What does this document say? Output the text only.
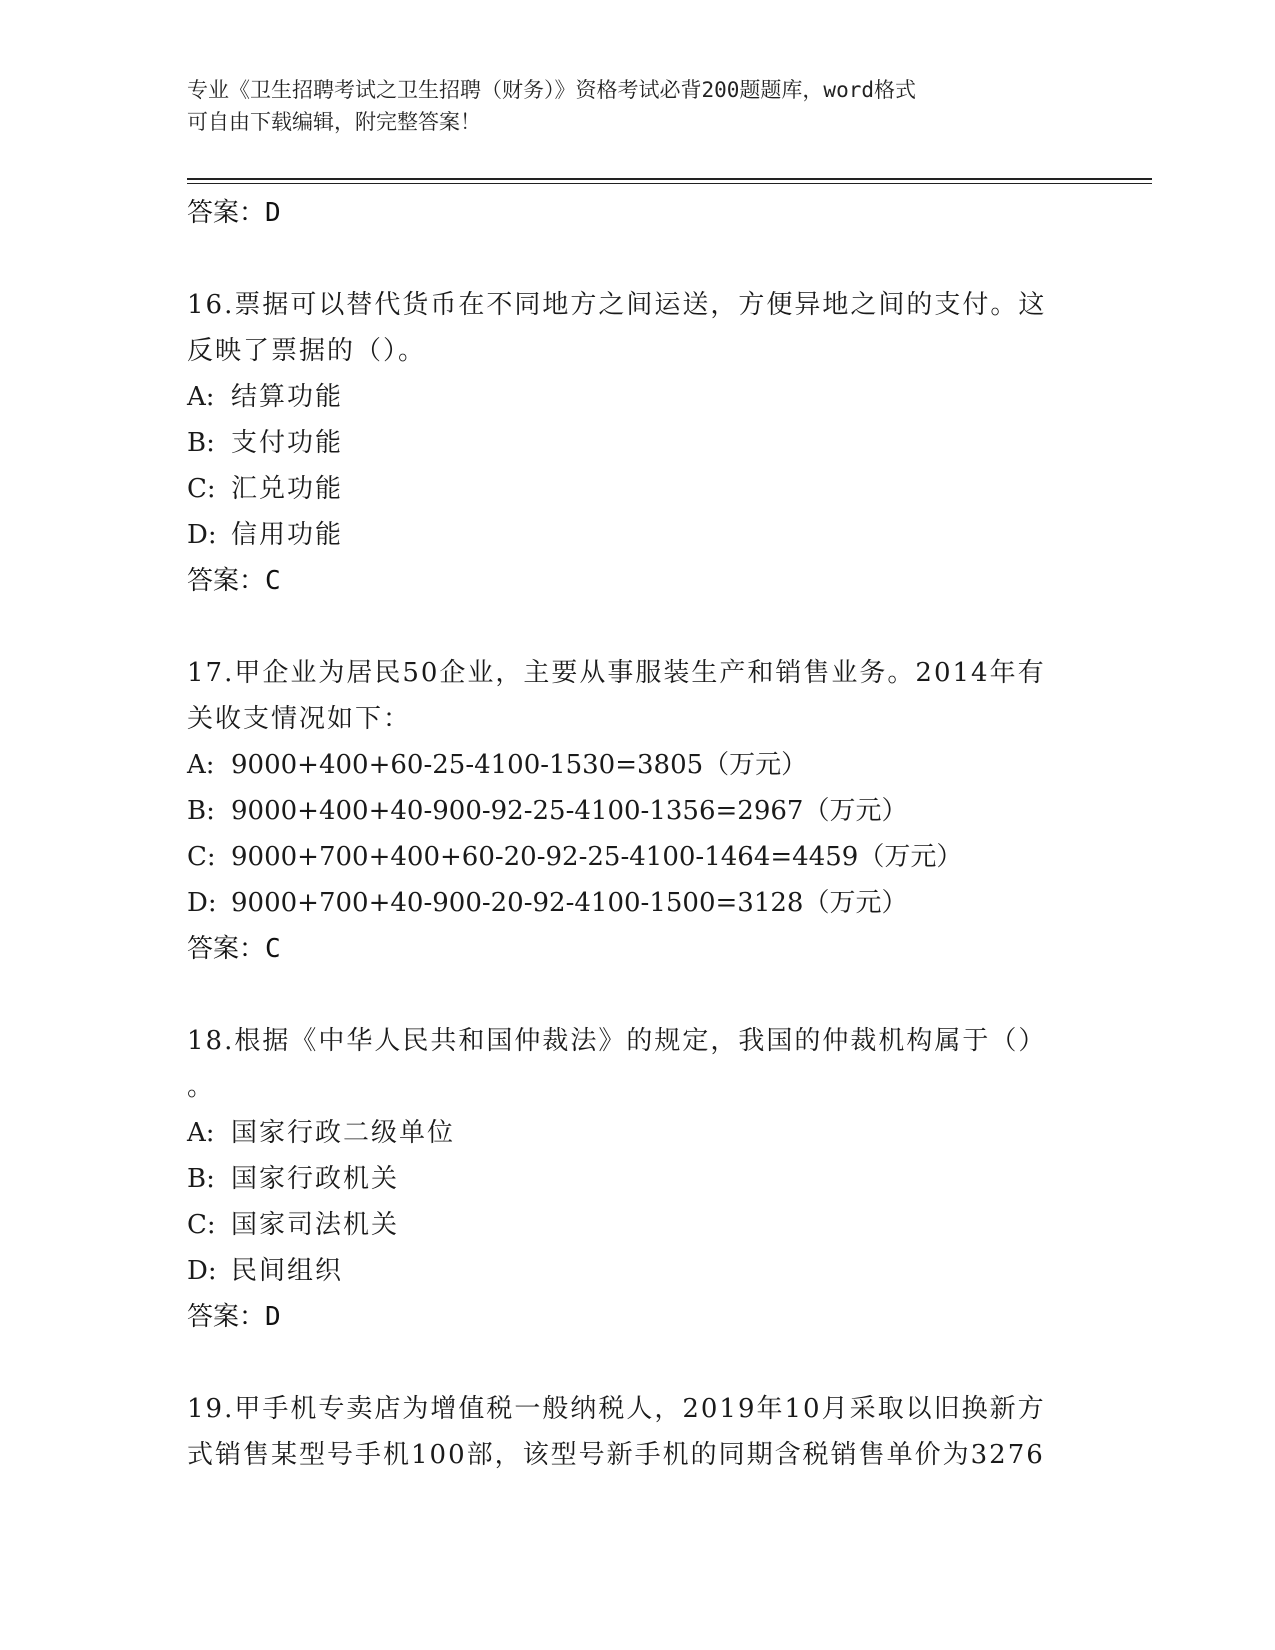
专业《卫生招聘考试之卫生招聘（财务）》资格考试必背200题题库，word格式
可自由下载编辑，附完整答案！
答案：D
16.票据可以替代货币在不同地方之间运送，方便异地之间的支付。这
反映了票据的（）。
A: 结算功能
B: 支付功能
C: 汇兑功能
D: 信用功能
答案：C
17.甲企业为居民50企业，主要从事服装生产和销售业务。2014年有
关收支情况如下：
A: 9000+400+60-25-4100-1530=3805（万元）
B: 9000+400+40-900-92-25-4100-1356=2967（万元）
C: 9000+700+400+60-20-92-25-4100-1464=4459（万元）
D: 9000+700+40-900-20-92-4100-1500=3128（万元）
答案：C
18.根据《中华人民共和国仲裁法》的规定，我国的仲裁机构属于（）
。
A: 国家行政二级单位
B: 国家行政机关
C: 国家司法机关
D: 民间组织
答案：D
19.甲手机专卖店为增值税一般纳税人，2019年10月采取以旧换新方
式销售某型号手机100部，该型号新手机的同期含税销售单价为3276
